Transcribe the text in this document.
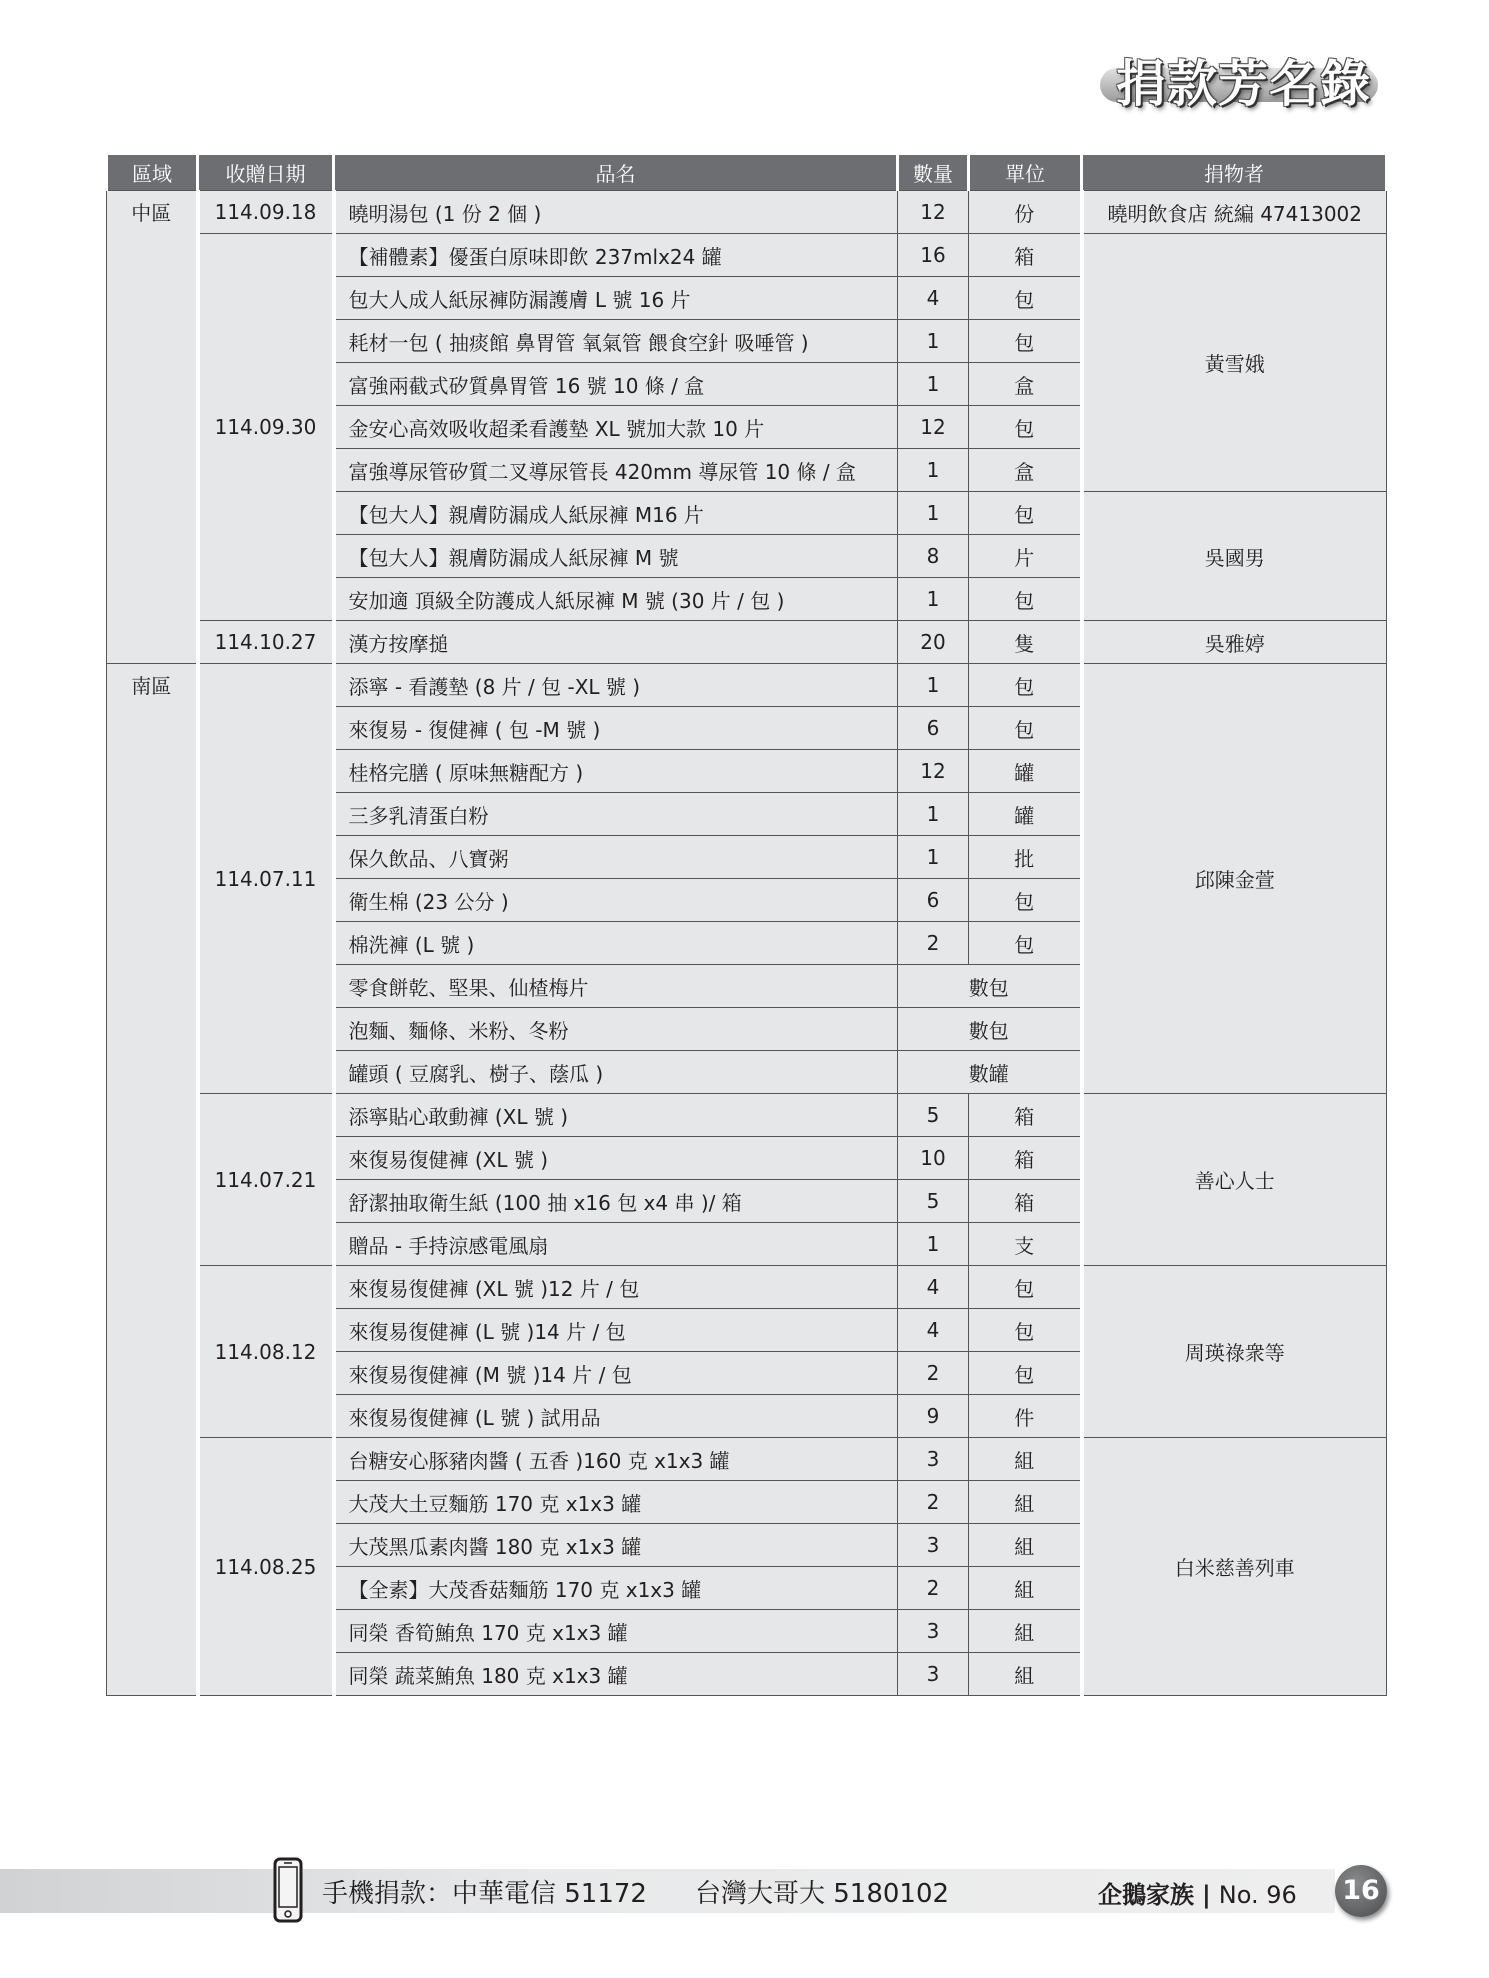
捐款芳名錄
區域	收贈日期	品名	數量	單位	捐物者
中區	114.09.18	曉明湯包 (1 份 2 個 )	12	份	曉明飲食店 統編 47413002
	114.09.30	【補體素】優蛋白原味即飲 237mlx24 罐	16	箱	黃雪娥
		包大人成人紙尿褲防漏護膚 L 號 16 片	4	包	
		耗材一包 ( 抽痰館 鼻胃管 氧氣管 餵食空針 吸唾管 )	1	包	
		富強兩截式矽質鼻胃管 16 號 10 條 / 盒	1	盒	
		金安心高效吸收超柔看護墊 XL 號加大款 10 片	12	包	
		富強導尿管矽質二叉導尿管長 420mm 導尿管 10 條 / 盒	1	盒	
		【包大人】親膚防漏成人紙尿褲 M16 片	1	包	吳國男
		【包大人】親膚防漏成人紙尿褲 M 號	8	片	
		安加適 頂級全防護成人紙尿褲 M 號 (30 片 / 包 )	1	包	
	114.10.27	漢方按摩搥	20	隻	吳雅婷
南區	114.07.11	添寧 - 看護墊 (8 片 / 包 -XL 號 )	1	包	邱陳金萱
		來復易 - 復健褲 ( 包 -M 號 )	6	包	
		桂格完膳 ( 原味無糖配方 )	12	罐	
		三多乳清蛋白粉	1	罐	
		保久飲品、八寶粥	1	批	
		衛生棉 (23 公分 )	6	包	
		棉洗褲 (L 號 )	2	包	
		零食餅乾、堅果、仙楂梅片	數包		
		泡麵、麵條、米粉、冬粉	數包		
		罐頭 ( 豆腐乳、樹子、蔭瓜 )	數罐		
	114.07.21	添寧貼心敢動褲 (XL 號 )	5	箱	善心人士
		來復易復健褲 (XL 號 )	10	箱	
		舒潔抽取衛生紙 (100 抽 x16 包 x4 串 )/ 箱	5	箱	
		贈品 - 手持涼感電風扇	1	支	
	114.08.12	來復易復健褲 (XL 號 )12 片 / 包	4	包	周瑛祿衆等
		來復易復健褲 (L 號 )14 片 / 包	4	包	
		來復易復健褲 (M 號 )14 片 / 包	2	包	
		來復易復健褲 (L 號 ) 試用品	9	件	
	114.08.25	台糖安心豚豬肉醬 ( 五香 )160 克 x1x3 罐	3	組	白米慈善列車
		大茂大土豆麵筋 170 克 x1x3 罐	2	組	
		大茂黑瓜素肉醬 180 克 x1x3 罐	3	組	
		【全素】大茂香菇麵筋 170 克 x1x3 罐	2	組	
		同榮 香筍鮪魚 170 克 x1x3 罐	3	組	
		同榮 蔬菜鮪魚 180 克 x1x3 罐	3	組	
手機捐款：中華電信 51172 台灣大哥大 5180102	企鵝家族 | No. 96 16
